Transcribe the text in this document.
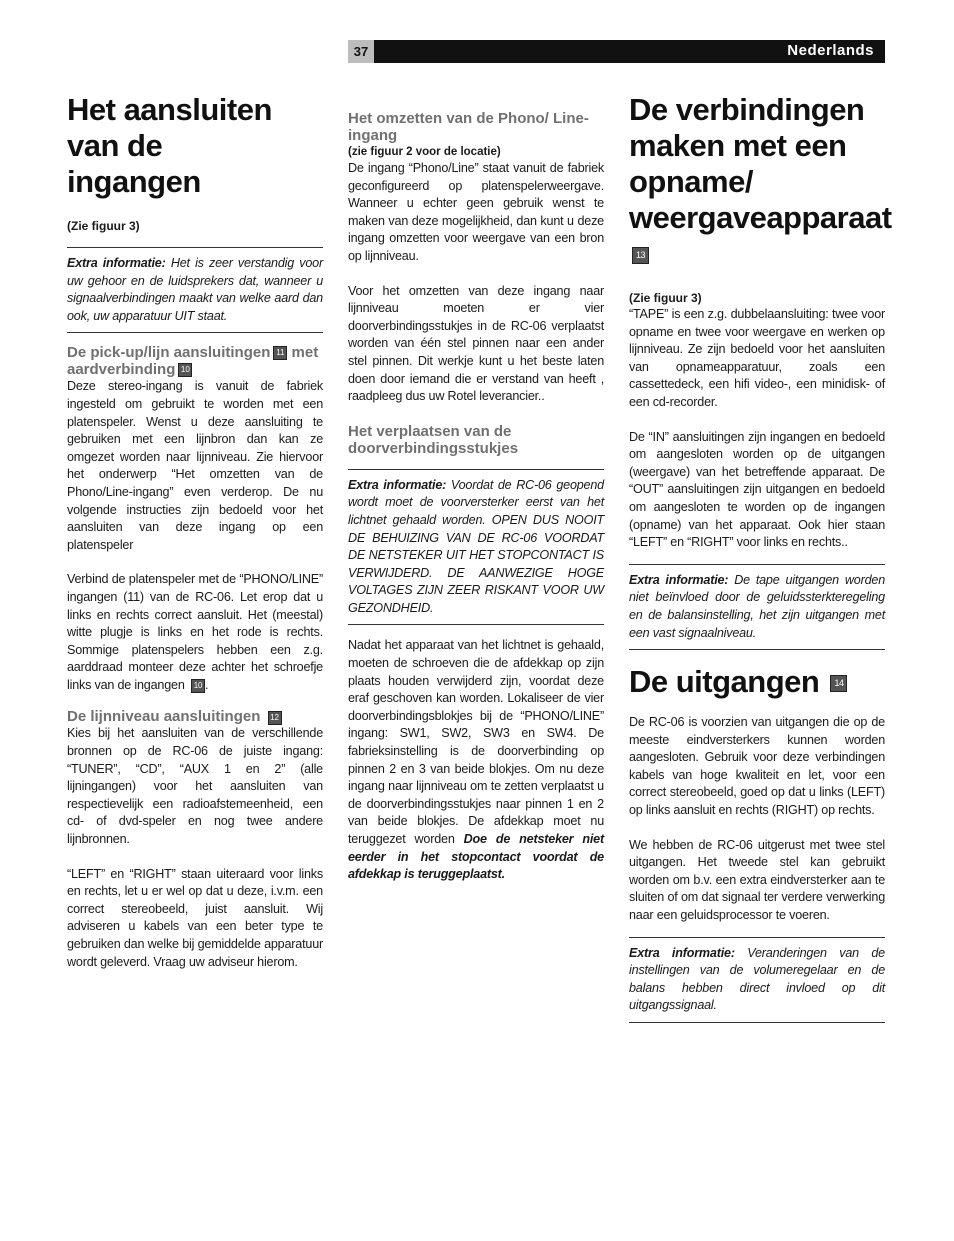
37	Nederlands
Het aansluiten van de ingangen
(Zie figuur 3)

Extra informatie: Het is zeer verstandig voor uw gehoor en de luidsprekers dat, wanneer u signaalverbindingen maakt van welke aard dan ook, uw apparatuur UIT staat.

De pick-up/lijn aansluitingen 11 met aardverbinding 10

Deze stereo-ingang is vanuit de fabriek ingesteld om gebruikt te worden met een platenspeler. Wenst u deze aansluiting te gebruiken met een lijnbron dan kan ze omgezet worden naar lijnniveau. Zie hiervoor het onderwerp “Het omzetten van de Phono/Line-ingang” even verderop. De nu volgende instructies zijn bedoeld voor het aansluiten van deze ingang op een platenspeler

Verbind de platenspeler met de “PHONO/LINE” ingangen (11) van de RC-06. Let erop dat u links en rechts correct aansluit. Het (meestal) witte plugje is links en het rode is rechts. Sommige platenspelers hebben een z.g. aarddraad monteer deze achter het schroefje links van de ingangen 10 .

De lijnniveau aansluitingen 12

Kies bij het aansluiten van de verschillende bronnen op de RC-06 de juiste ingang: “TUNER”, “CD”, “AUX 1 en 2” (alle lijningangen) voor het aansluiten van respectievelijk een radioafstemeenheid, een cd- of dvd-speler en nog twee andere lijnbronnen.

“LEFT” en “RIGHT” staan uiteraard voor links en rechts, let u er wel op dat u deze, i.v.m. een correct stereobeeld, juist aansluit. Wij adviseren u kabels van een beter type te gebruiken dan welke bij gemiddelde apparatuur wordt geleverd. Vraag uw adviseur hierom.

Het omzetten van de Phono/ Line-ingang
(zie figuur 2 voor de locatie)

De ingang “Phono/Line” staat vanuit de fabriek geconfigureerd op platenspelerweergave. Wanneer u echter geen gebruik wenst te maken van deze mogelijkheid, dan kunt u deze ingang omzetten voor weergave van een bron op lijnniveau.

Voor het omzetten van deze ingang naar lijnniveau moeten er vier doorverbindingsstukjes in de RC-06 verplaatst worden van één stel pinnen naar een ander stel pinnen. Dit werkje kunt u het beste laten doen door iemand die er verstand van heeft , raadpleeg dus uw Rotel leverancier..

Het verplaatsen van de doorverbindingsstukjes

Extra informatie: Voordat de RC-06 geopend wordt moet de voorversterker eerst van het lichtnet gehaald worden. OPEN DUS NOOIT DE BEHUIZING VAN DE RC-06 VOORDAT DE NETSTEKER UIT HET STOPCONTACT IS VERWIJDERD. DE AANWEZIGE HOGE VOLTAGES ZIJN ZEER RISKANT VOOR UW GEZONDHEID.

Nadat het apparaat van het lichtnet is gehaald, moeten de schroeven die de afdekkap op zijn plaats houden verwijderd zijn, voordat deze eraf geschoven kan worden. Lokaliseer de vier doorverbindingsblokjes bij de “PHONO/LINE” ingang: SW1, SW2, SW3 en SW4. De fabrieksinstelling is de doorverbinding op pinnen 2 en 3 van beide blokjes. Om nu deze ingang naar lijnniveau om te zetten verplaatst u de doorverbindingsstukjes naar pinnen 1 en 2 van beide blokjes. De afdekkap moet nu teruggezet worden Doe de netsteker niet eerder in het stopcontact voordat de afdekkap is teruggeplaatst.

De verbindingen maken met een opname/ weergaveapparaat 13
(Zie figuur 3)

“TAPE” is een z.g. dubbelaansluiting: twee voor opname en twee voor weergave en werken op lijnniveau. Ze zijn bedoeld voor het aansluiten van opnameapparatuur, zoals een cassettedeck, een hifi video-, een minidisk- of een cd-recorder.

De “IN” aansluitingen zijn ingangen en bedoeld om aangesloten worden op de uitgangen (weergave) van het betreffende apparaat. De “OUT” aansluitingen zijn uitgangen en bedoeld om aangesloten te worden op de ingangen (opname) van het apparaat. Ook hier staan “LEFT” en “RIGHT” voor links en rechts..

Extra informatie: De tape uitgangen worden niet beïnvloed door de geluidssterkteregeling en de balansinstelling, het zijn uitgangen met een vast signaalniveau.

De uitgangen 14

De RC-06 is voorzien van uitgangen die op de meeste eindversterkers kunnen worden aangesloten. Gebruik voor deze verbindingen kabels van hoge kwaliteit en let, voor een correct stereobeeld, goed op dat u links (LEFT) op links aansluit en rechts (RIGHT) op rechts.

We hebben de RC-06 uitgerust met twee stel uitgangen. Het tweede stel kan gebruikt worden om b.v. een extra eindversterker aan te sluiten of om dat signaal ter verdere verwerking naar een geluidsprocessor te voeren.

Extra informatie: Veranderingen van de instellingen van de volumeregelaar en de balans hebben direct invloed op dit uitgangssignaal.
